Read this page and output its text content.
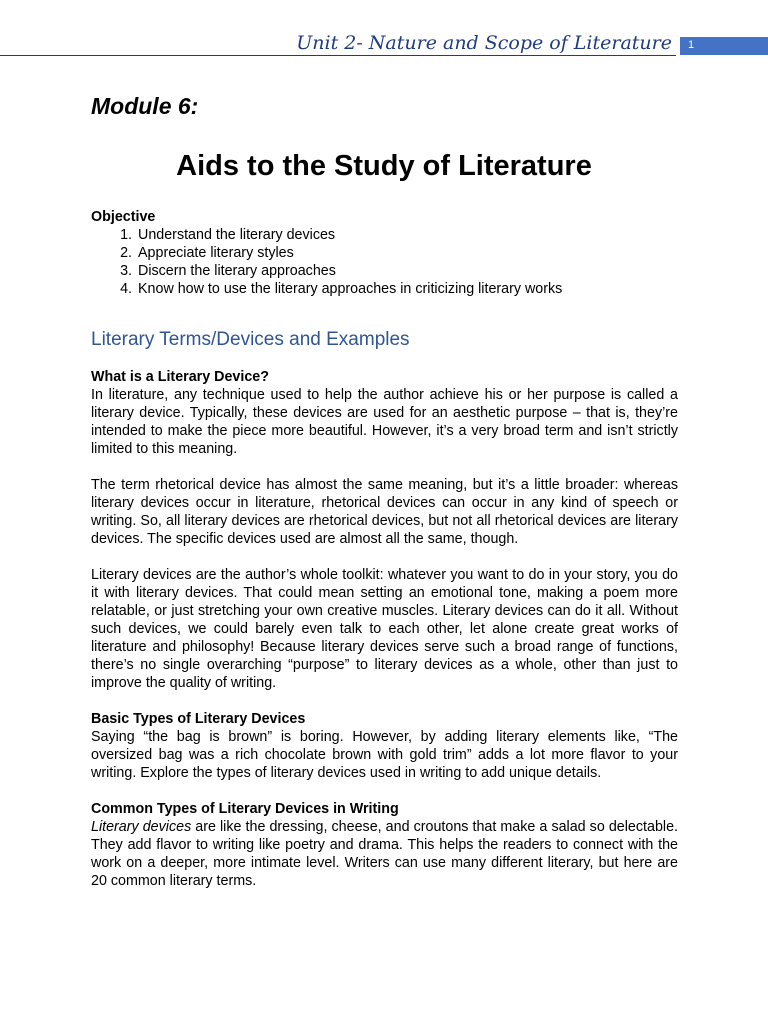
Unit 2- Nature and Scope of Literature	1
Module 6:
Aids to the Study of Literature

Objective

1. Understand the literary devices
2. Appreciate literary styles
3. Discern the literary approaches
4. Know how to use the literary approaches in criticizing literary works
Literary Terms/Devices and Examples

What is a Literary Device?

In literature, any technique used to help the author achieve his or her purpose is called a literary device. Typically, these devices are used for an aesthetic purpose – that is, they’re intended to make the piece more beautiful. However, it’s a very broad term and isn’t strictly limited to this meaning.

The term rhetorical device has almost the same meaning, but it’s a little broader: whereas literary devices occur in literature, rhetorical devices can occur in any kind of speech or writing. So, all literary devices are rhetorical devices, but not all rhetorical devices are literary devices. The specific devices used are almost all the same, though.

Literary devices are the author’s whole toolkit: whatever you want to do in your story, you do it with literary devices. That could mean setting an emotional tone, making a poem more relatable, or just stretching your own creative muscles. Literary devices can do it all. Without such devices, we could barely even talk to each other, let alone create great works of literature and philosophy! Because literary devices serve such a broad range of functions, there’s no single overarching “purpose” to literary devices as a whole, other than just to improve the quality of writing.

Basic Types of Literary Devices

Saying “the bag is brown” is boring. However, by adding literary elements like, “The oversized bag was a rich chocolate brown with gold trim” adds a lot more flavor to your writing. Explore the types of literary devices used in writing to add unique details.

Common Types of Literary Devices in Writing

Literary devices are like the dressing, cheese, and croutons that make a salad so delectable. They add flavor to writing like poetry and drama. This helps the readers to connect with the work on a deeper, more intimate level. Writers can use many different literary, but here are 20 common literary terms.
